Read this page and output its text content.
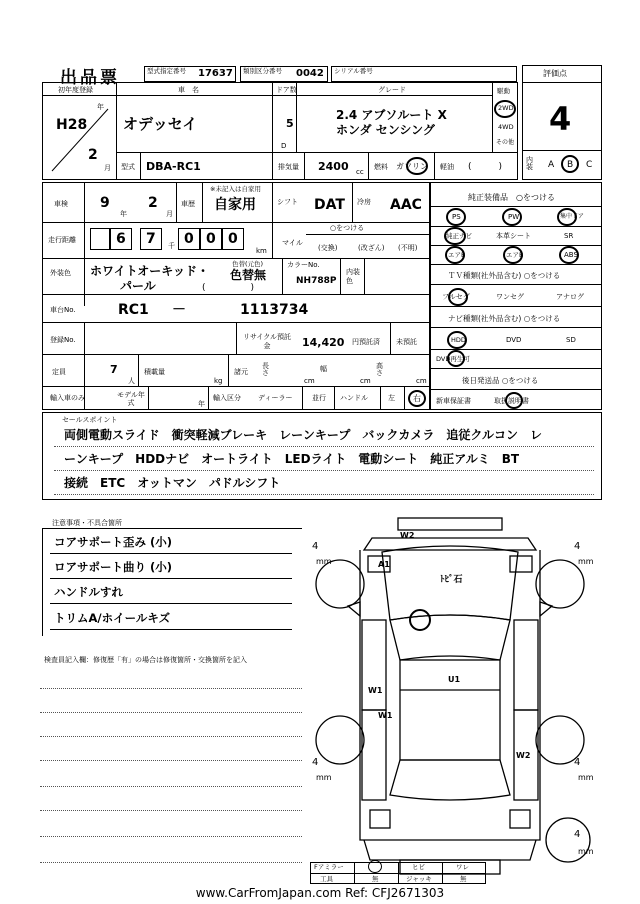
出品票	型式指定番号 17637 類別区分番号 0042 シリアル番号	評価点
4
内装 A B C
初年度登録
H28
年
2
月
車　名
オデッセイ
型式 DBA-RC1
ドア数
5
D
グレード
2.4 アブソルート X
ホンダ センシング
駆動
2WD
4WD
その他
排気量 2400 cc
燃料 ガソリン 軽油 (　　　)
車検 9
年
2
月
車歴
※未記入は自家用
自家用	シフト DAT 冷房 AAC
走行距離	6 7 千 0 0 0
km
○をつける
マイル
(交換)	(改ざん) (不明)
外装色 ホワイトオーキッド・
パール
色替(元色)
色替無
(　　　　　)
カラーNo.
NH788P
内装色
車台No.	RC1 －	1113734
登録No.	リサイクル預託金	14,420 円預託済 未預託
定員	7
人
積載量
kg
諸元
長さ
cm
幅
cm
高さ
cm
輸入車のみ	モデル年式	年
輸入区分 ディーラー	並行 ハンドル	左 右
純正装備品　○をつける
PS	PW	集中ドア
純正ナビ	本革シート	SR
エアB	エアB	ABS
ＴＶ種類(社外品含む) ○をつける
フルセグ	ワンセグ	アナログ
ナビ種類(社外品含む) ○をつける
HDD	DVD	SD
DVD再生可
後日発送品 ○をつける
新車保証書	取扱説明書
セールスポイント
両側電動スライド　衝突軽減ブレーキ　レーンキープ　バックカメラ　追従クルコン　レ
ーンキープ　HDDナビ　オートライト　LEDライト　電動シート　純正アルミ　BT
接続　ETC　オットマン　パドルシフト
注意事項・不具合箇所
コアサポート歪み (小)
ロアサポート曲り (小)
ハンドルすれ
トリムA/ホイールキズ
検査員記入欄：修復歴「有」の場合は修復箇所・交換箇所を記入
W2
A1
ﾄﾋﾟ石
U1
W1
W1
W2
4
mm
4
mm
4
mm
4
mm
4
mm
Fアミラー	ヒビ	ワレ
工具	無	ジャッキ	無
www.CarFromJapan.com Ref: CFJ2671303
